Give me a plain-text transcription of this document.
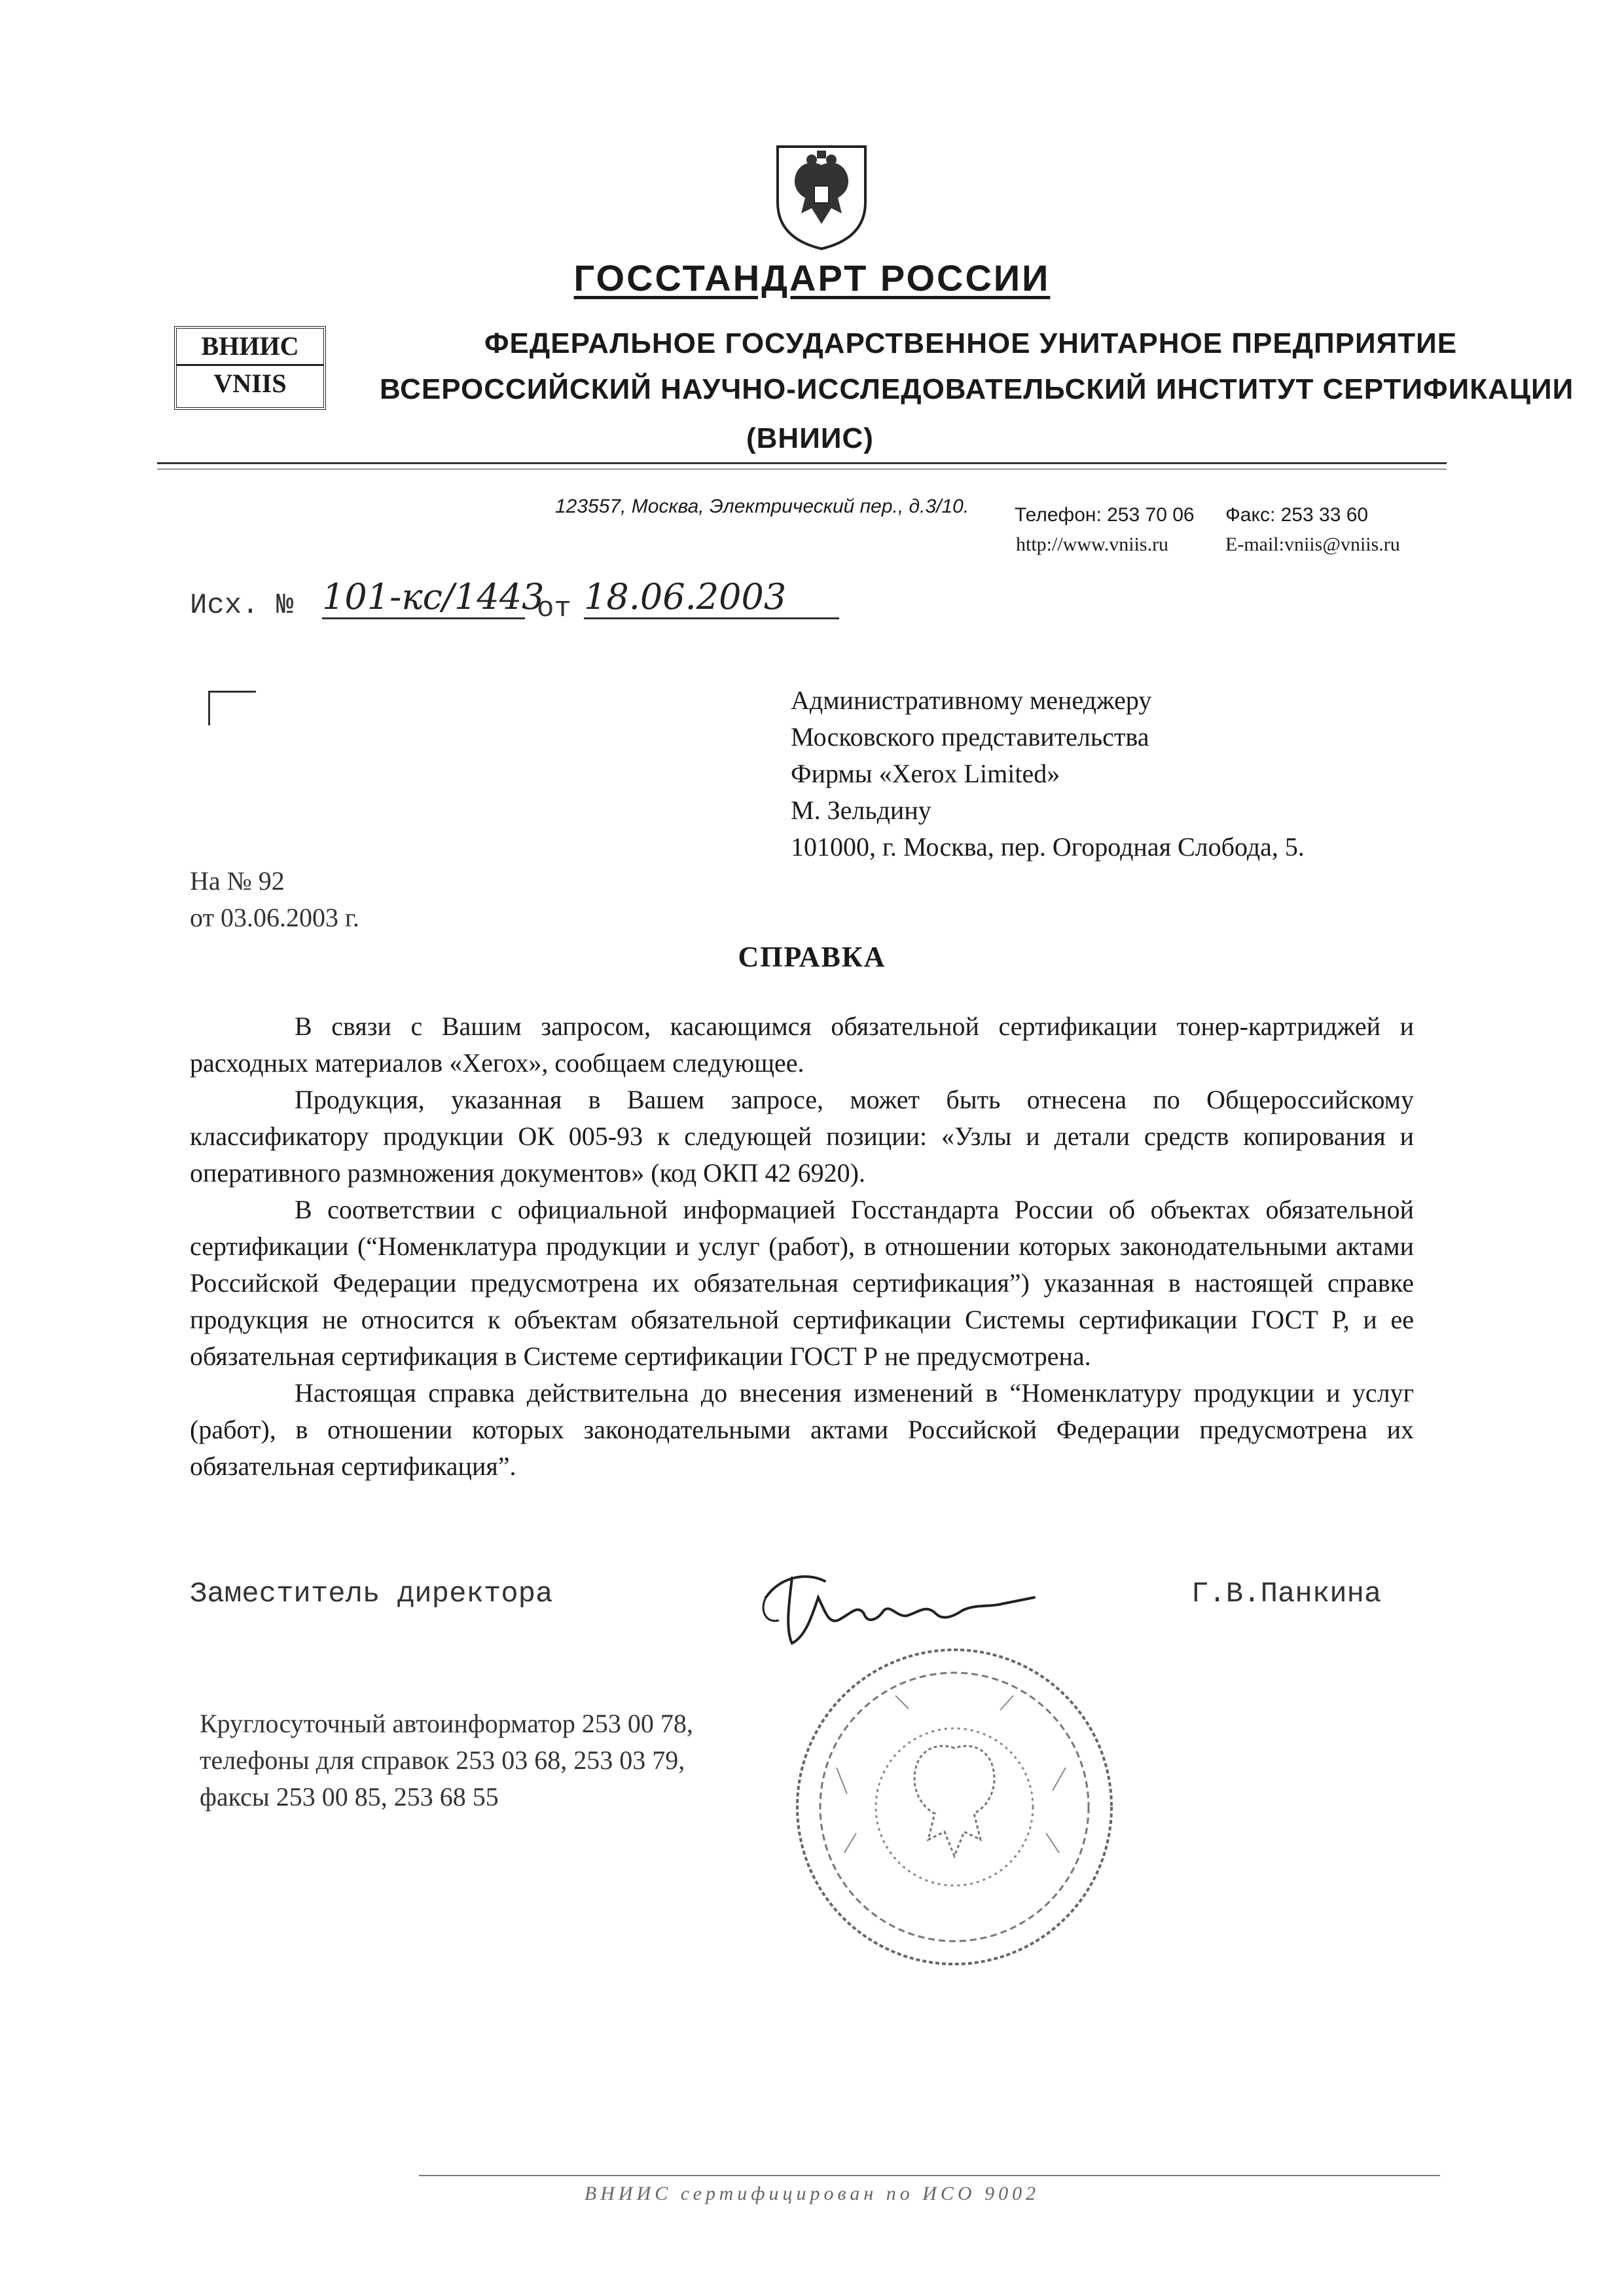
ГОССТАНДАРТ РОССИИ
ВНИИС
VNIIS
ФЕДЕРАЛЬНОЕ ГОСУДАРСТВЕННОЕ УНИТАРНОЕ ПРЕДПРИЯТИЕ
ВСЕРОССИЙСКИЙ НАУЧНО-ИССЛЕДОВАТЕЛЬСКИЙ ИНСТИТУТ СЕРТИФИКАЦИИ
(ВНИИС)
123557, Москва, Электрический пер., д.3/10. Телефон: 253 70 06 Факс: 253 33 60
http://www.vniis.ru	E-mail:vniis@vniis.ru
Исх. № 101-кс/1443
от 18.06.2003
Административному менеджеру
Московского представительства
Фирмы «Xerox Limited»
М. Зельдину
101000, г. Москва, пер. Огородная Слобода, 5.
На № 92
от 03.06.2003 г.
СПРАВКА

В связи с Вашим запросом, касающимся обязательной сертификации тонер-картриджей и расходных материалов «Хегох», сообщаем следующее.

Продукция, указанная в Вашем запросе, может быть отнесена по Общероссийскому классификатору продукции ОК 005-93 к следующей позиции: «Узлы и детали средств копирования и оперативного размножения документов» (код ОКП 42 6920).

В соответствии с официальной информацией Госстандарта России об объектах обязательной сертификации (“Номенклатура продукции и услуг (работ), в отношении которых законодательными актами Российской Федерации предусмотрена их обязательная сертификация”) указанная в настоящей справке продукция не относится к объектам обязательной сертификации Системы сертификации ГОСТ Р, и ее обязательная сертификация в Системе сертификации ГОСТ Р не предусмотрена.

Настоящая справка действительна до внесения изменений в “Номенклатуру продукции и услуг (работ), в отношении которых законодательными актами Российской Федерации предусмотрена их обязательная сертификация”.

Заместитель директора	Г.В.Панкина
Круглосуточный автоинформатор 253 00 78,
телефоны для справок 253 03 68, 253 03 79,
факсы 253 00 85, 253 68 55
ВНИИС сертифицирован по ИСО 9002
